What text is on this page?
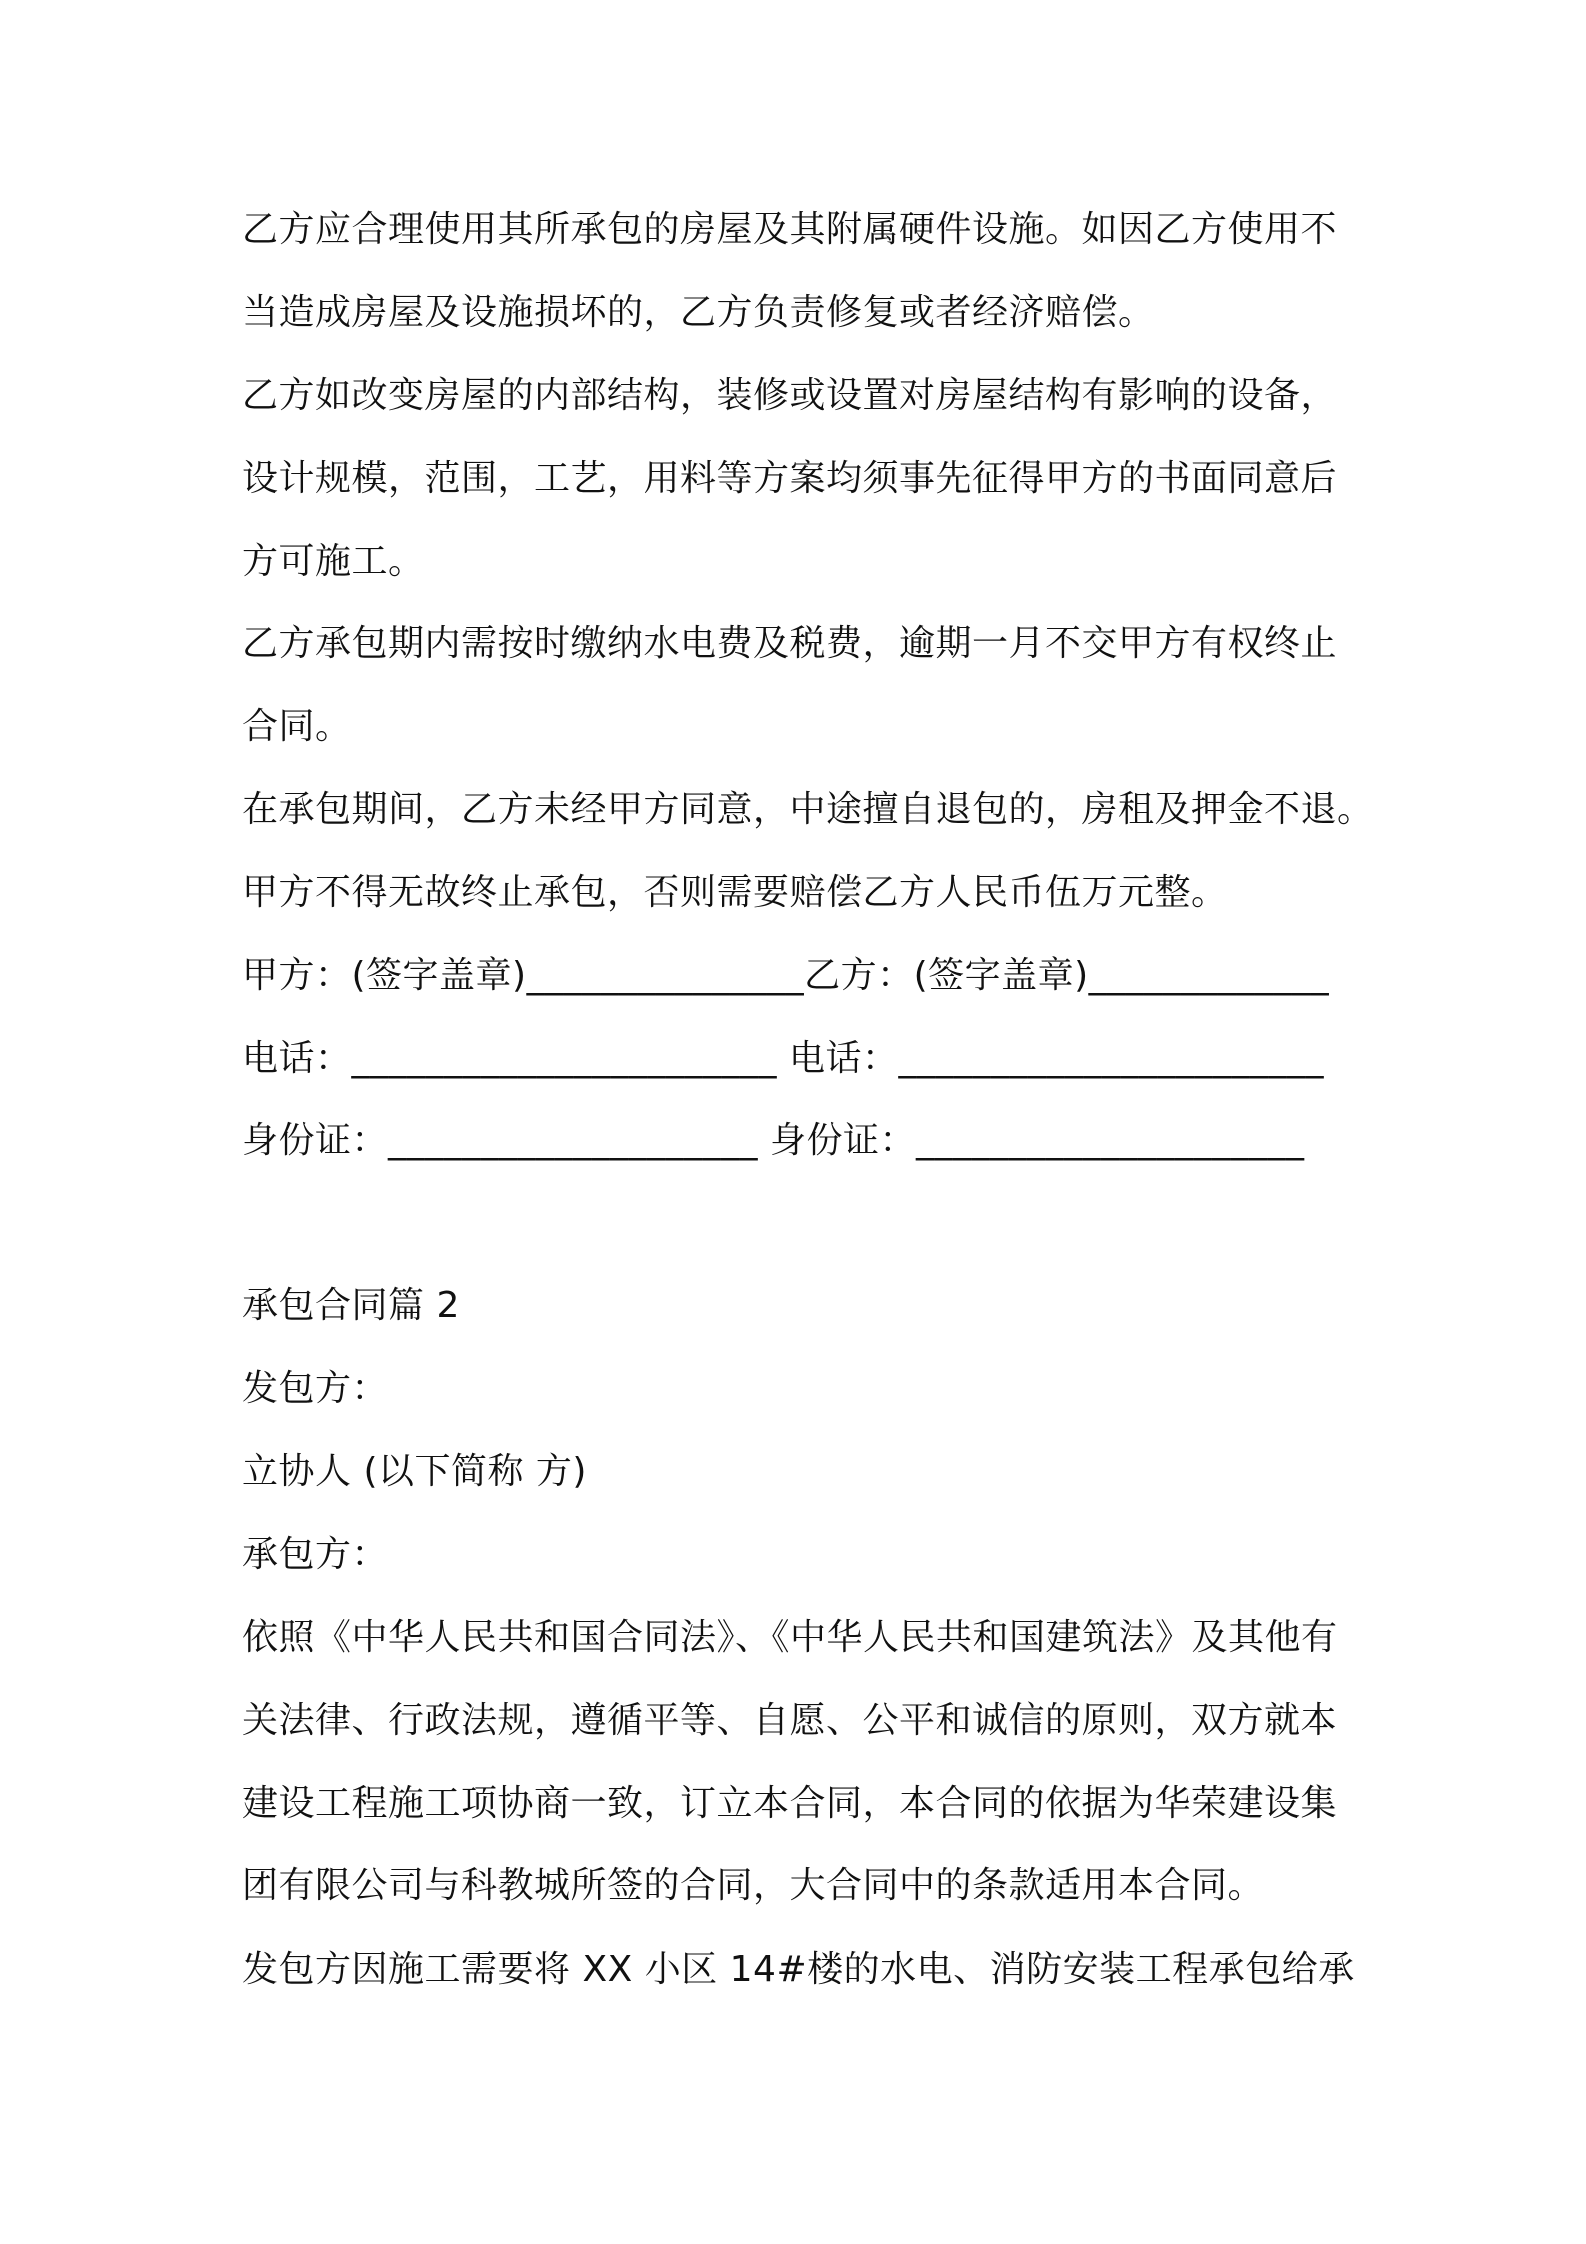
乙方应合理使用其所承包的房屋及其附属硬件设施。如因乙方使用不
当造成房屋及设施损坏的，乙方负责修复或者经济赔偿。
乙方如改变房屋的内部结构，装修或设置对房屋结构有影响的设备，
设计规模，范围，工艺，用料等方案均须事先征得甲方的书面同意后
方可施工。
乙方承包期内需按时缴纳水电费及税费，逾期一月不交甲方有权终止
合同。
在承包期间，乙方未经甲方同意，中途擅自退包的，房租及押金不退。
甲方不得无故终止承包，否则需要赔偿乙方人民币伍万元整。
甲方：(签字盖章)_______________乙方：(签字盖章)_____________
电话：_______________________ 电话：_______________________
身份证：____________________ 身份证：_____________________
承包合同篇 2
发包方：
立协人 (以下简称 方)
承包方：
依照《中华人民共和国合同法》、《中华人民共和国建筑法》及其他有
关法律、行政法规，遵循平等、自愿、公平和诚信的原则，双方就本
建设工程施工项协商一致，订立本合同，本合同的依据为华荣建设集
团有限公司与科教城所签的合同，大合同中的条款适用本合同。
发包方因施工需要将 XX 小区 14#楼的水电、消防安装工程承包给承
